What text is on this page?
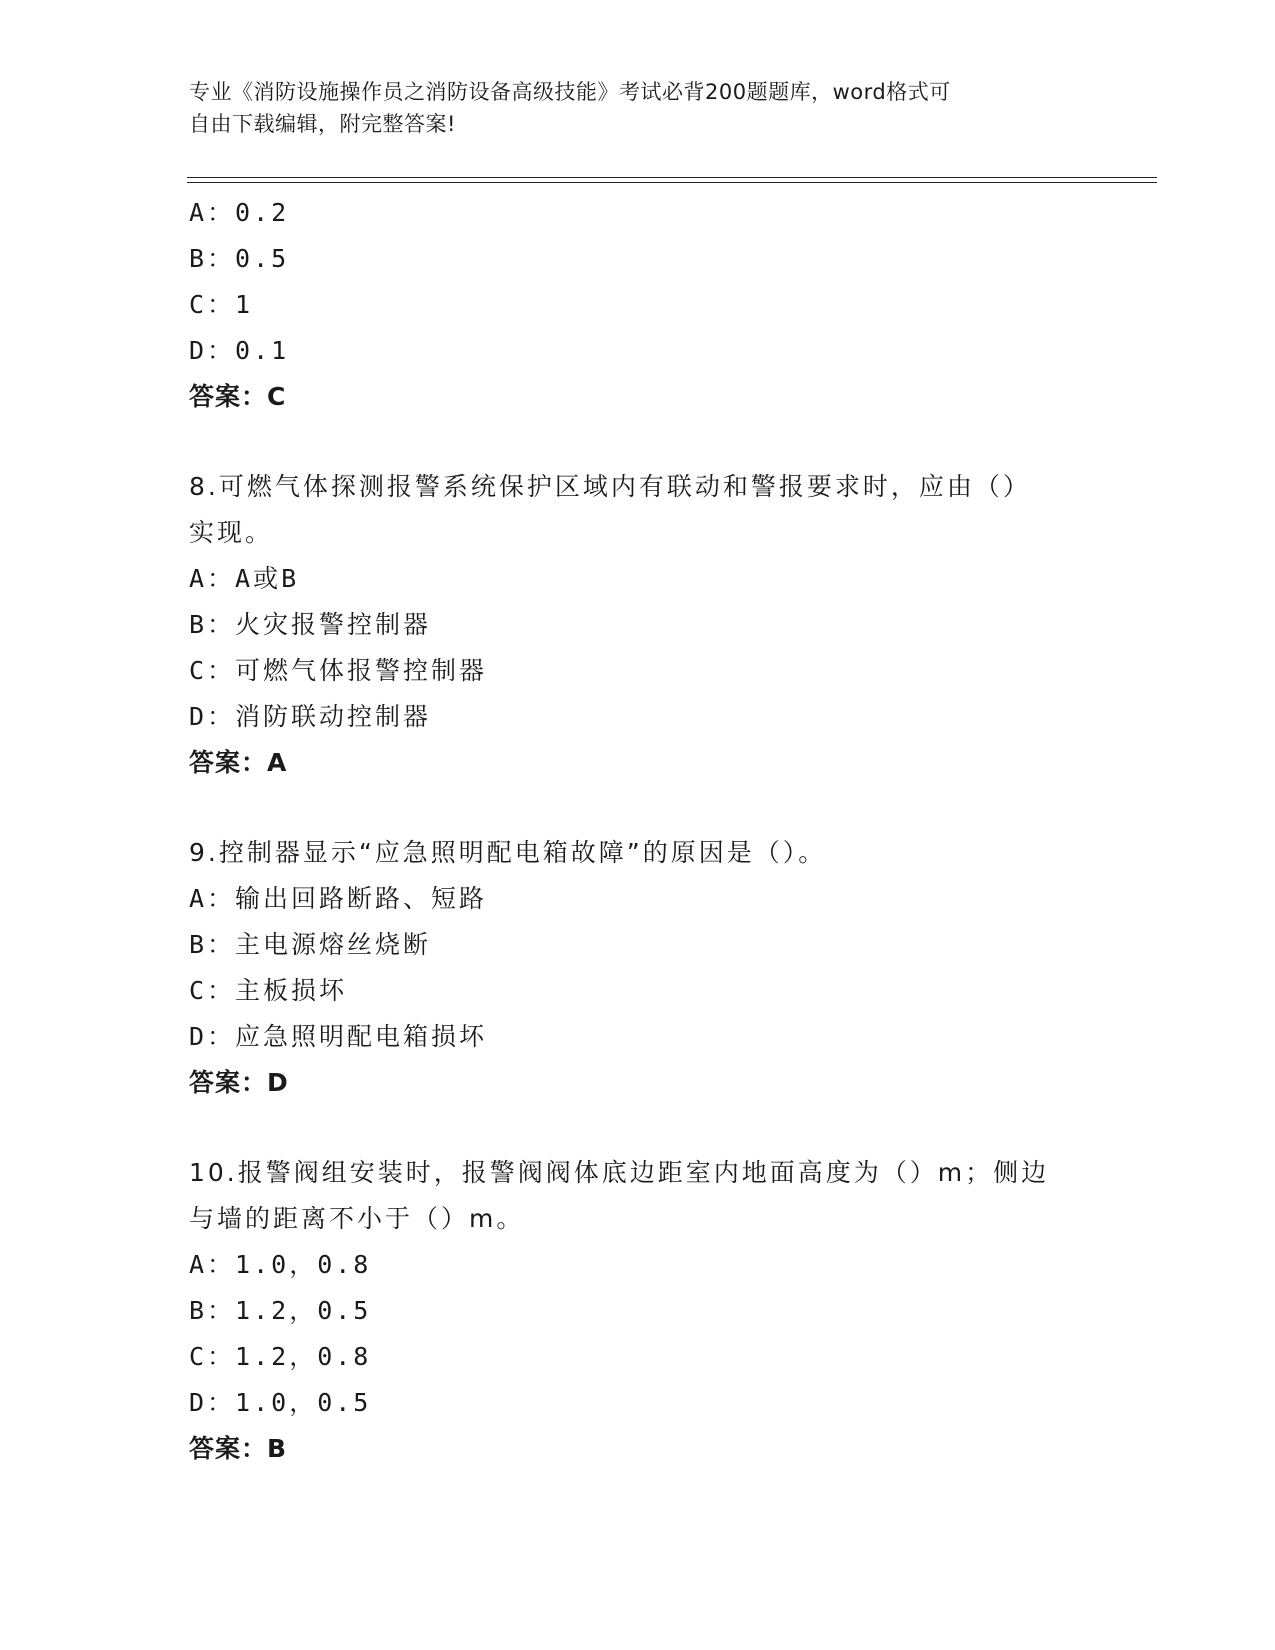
专业《消防设施操作员之消防设备高级技能》考试必背200题题库，word格式可
自由下载编辑，附完整答案!
A：0.2
B：0.5
C：1
D：0.1
答案：C
8.可燃气体探测报警系统保护区域内有联动和警报要求时，应由（）
实现。
A：A或B
B：火灾报警控制器
C：可燃气体报警控制器
D：消防联动控制器
答案：A
9.控制器显示“应急照明配电箱故障”的原因是（）。
A：输出回路断路、短路
B：主电源熔丝烧断
C：主板损坏
D：应急照明配电箱损坏
答案：D
10.报警阀组安装时，报警阀阀体底边距室内地面高度为（）m；侧边
与墙的距离不小于（）m。
A：1.0，0.8
B：1.2，0.5
C：1.2，0.8
D：1.0，0.5
答案：B
